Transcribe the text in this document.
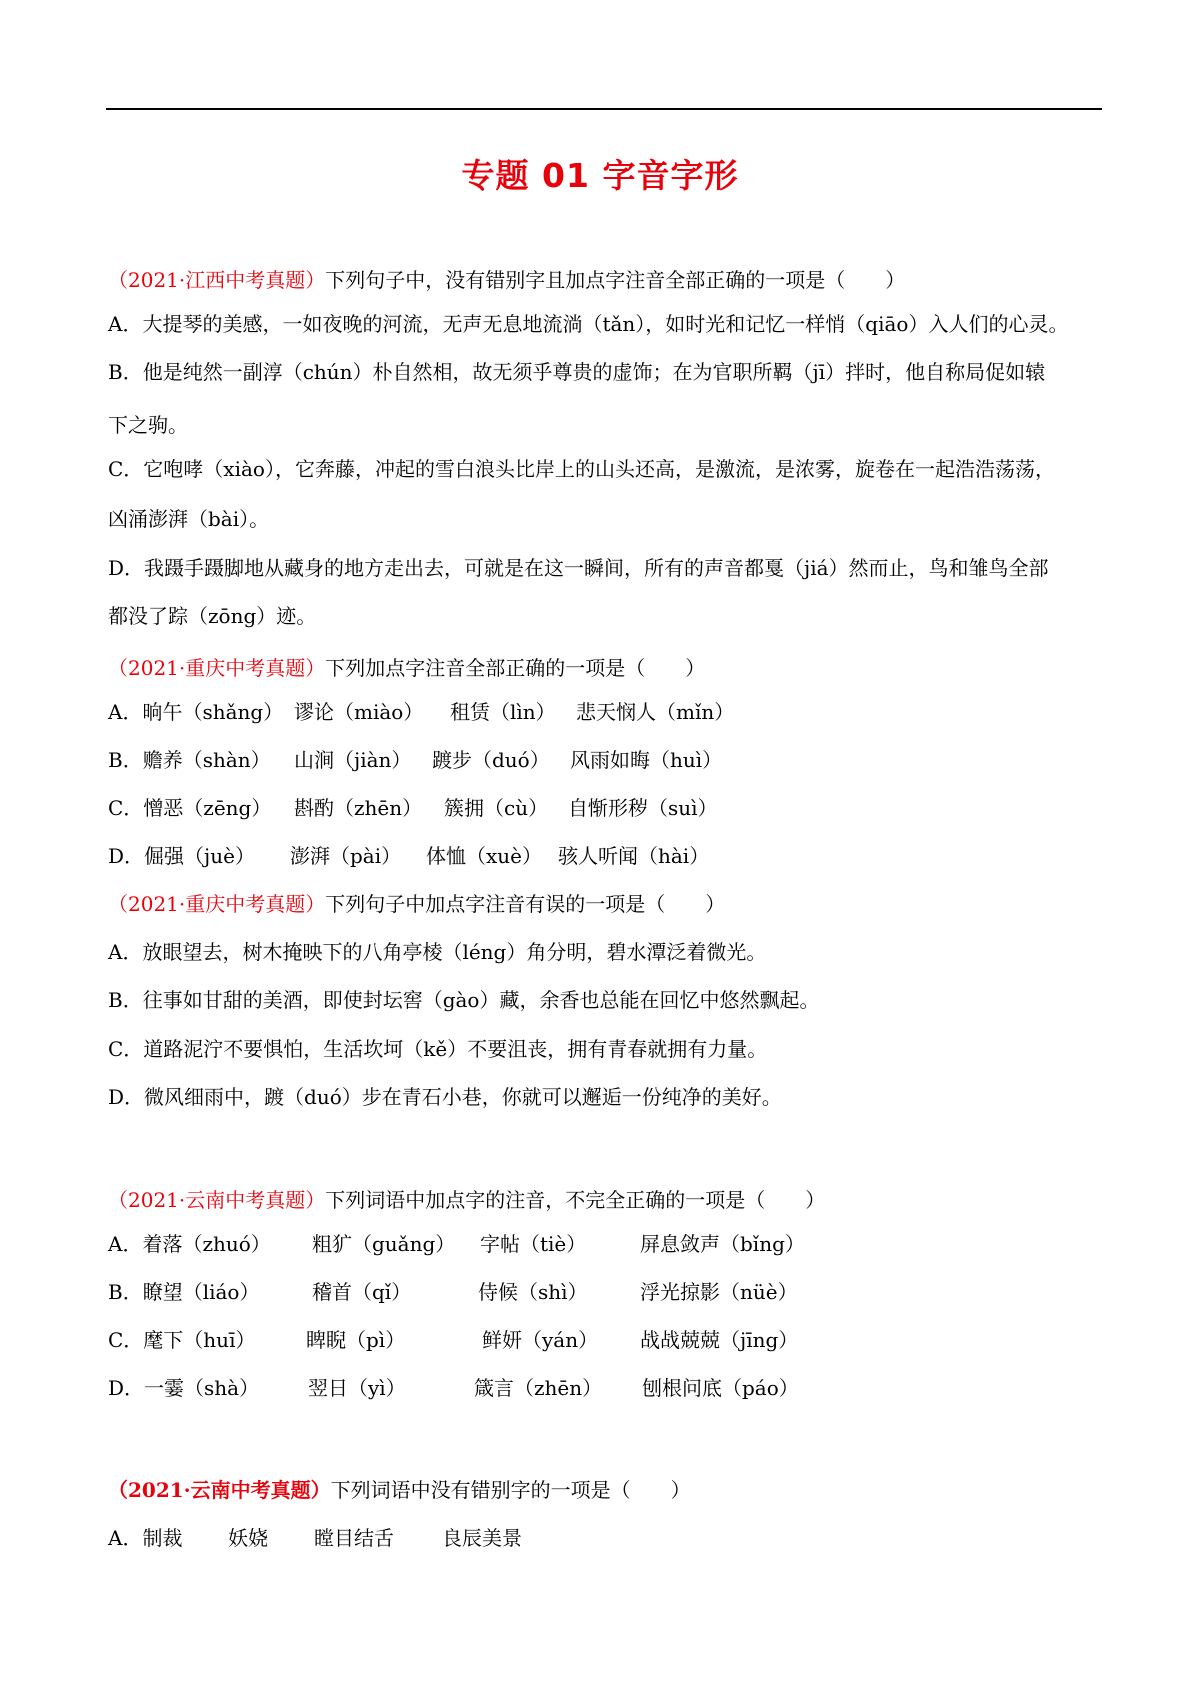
专题 01 字音字形
（2021·江西中考真题）下列句子中，没有错别字且加点字注音全部正确的一项是（　　）
A．大提琴的美感，一如夜晚的河流，无声无息地流淌（tǎn），如时光和记忆一样悄（qiāo）入人们的心灵。
B．他是纯然一副淳（chún）朴自然相，故无须乎尊贵的虚饰；在为官职所羁（jī）拌时，他自称局促如辕
下之驹。
C．它咆哮（xiào），它奔藤，冲起的雪白浪头比岸上的山头还高，是激流，是浓雾，旋卷在一起浩浩荡荡，
凶涌澎湃（bài）。
D．我蹑手蹑脚地从藏身的地方走出去，可就是在这一瞬间，所有的声音都戛（jiá）然而止，鸟和雏鸟全部
都没了踪（zōng）迹。
（2021·重庆中考真题）下列加点字注音全部正确的一项是（　　）
A．晌午（shǎng） 谬论（miào） 租赁（lìn） 悲天悯人（mǐn）
B．赡养（shàn） 山涧（jiàn） 踱步（duó） 风雨如晦（huì）
C．憎恶（zēng） 斟酌（zhēn） 簇拥（cù） 自惭形秽（suì）
D．倔强（juè） 澎湃（pài） 体恤（xuè） 骇人听闻（hài）
（2021·重庆中考真题）下列句子中加点字注音有误的一项是（　　）
A．放眼望去，树木掩映下的八角亭棱（léng）角分明，碧水潭泛着微光。
B．往事如甘甜的美酒，即使封坛窖（gào）藏，余香也总能在回忆中悠然飘起。
C．道路泥泞不要惧怕，生活坎坷（kě）不要沮丧，拥有青春就拥有力量。
D．微风细雨中，踱（duó）步在青石小巷，你就可以邂逅一份纯净的美好。
（2021·云南中考真题）下列词语中加点字的注音，不完全正确的一项是（　　）
A．着落（zhuó） 粗犷（guǎng） 字帖（tiè）	屏息敛声（bǐng）
B．瞭望（liáo）	稽首（qǐ）	侍候（shì）	浮光掠影（nüè）
C．麾下（huī）	睥睨（pì）	鲜妍（yán） 战战兢兢（jīng）
D．一霎（shà） 翌日（yì）	箴言（zhēn） 刨根问底（páo）
（2021·云南中考真题）下列词语中没有错别字的一项是（　　）
A．制裁 妖娆 瞠目结舌 良辰美景
